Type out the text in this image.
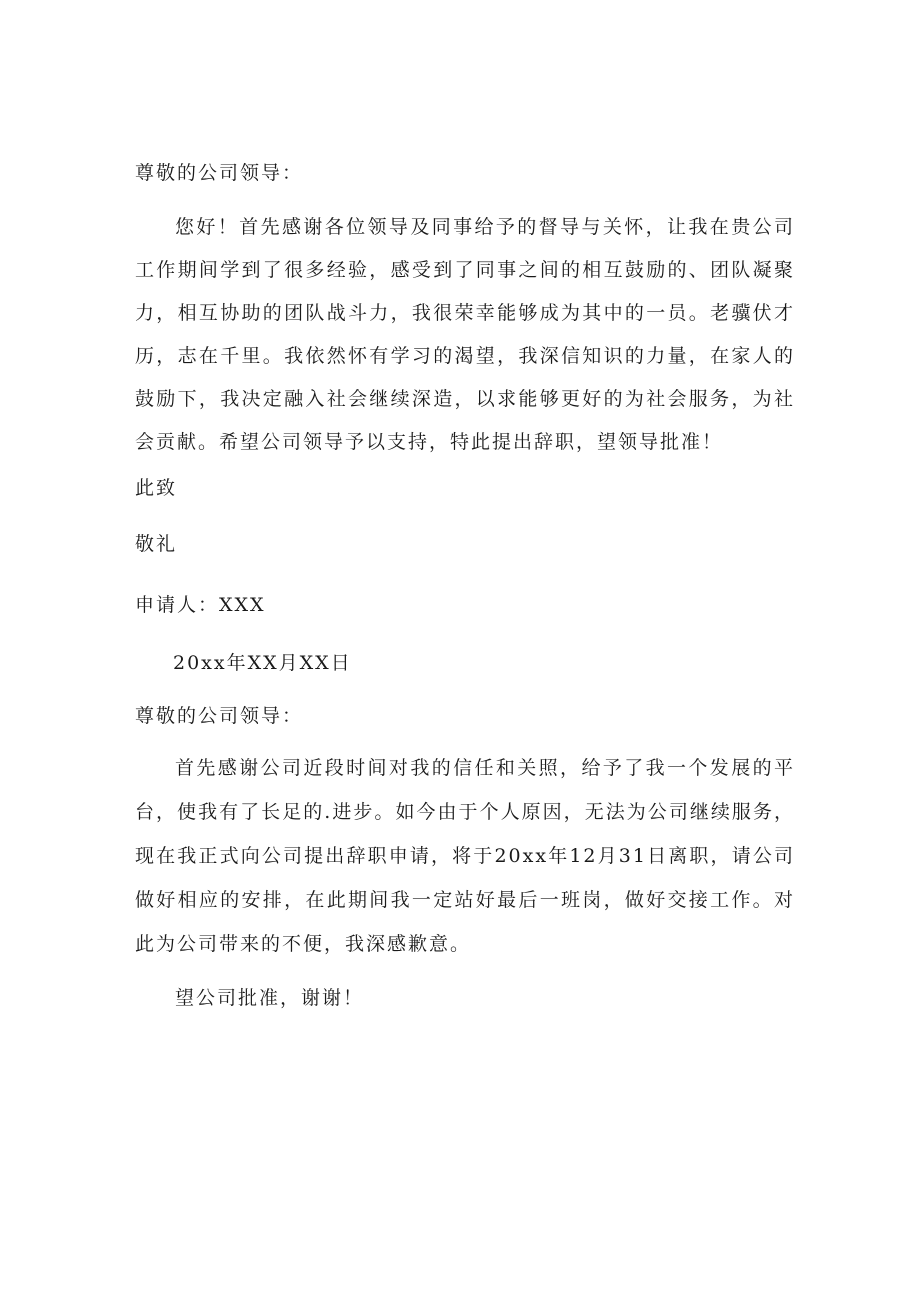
尊敬的公司领导：
您好！首先感谢各位领导及同事给予的督导与关怀，让我在贵公司工作期间学到了很多经验，感受到了同事之间的相互鼓励的、团队凝聚力，相互协助的团队战斗力，我很荣幸能够成为其中的一员。老骥伏才历，志在千里。我依然怀有学习的渴望，我深信知识的力量，在家人的鼓励下，我决定融入社会继续深造，以求能够更好的为社会服务，为社会贡献。希望公司领导予以支持，特此提出辞职，望领导批准！
此致
敬礼
申请人：XXX
20xx年XX月XX日
尊敬的公司领导：
首先感谢公司近段时间对我的信任和关照，给予了我一个发展的平台，使我有了长足的.进步。如今由于个人原因，无法为公司继续服务，现在我正式向公司提出辞职申请，将于20xx年12月31日离职，请公司做好相应的安排，在此期间我一定站好最后一班岗，做好交接工作。对此为公司带来的不便，我深感歉意。
望公司批准，谢谢！
